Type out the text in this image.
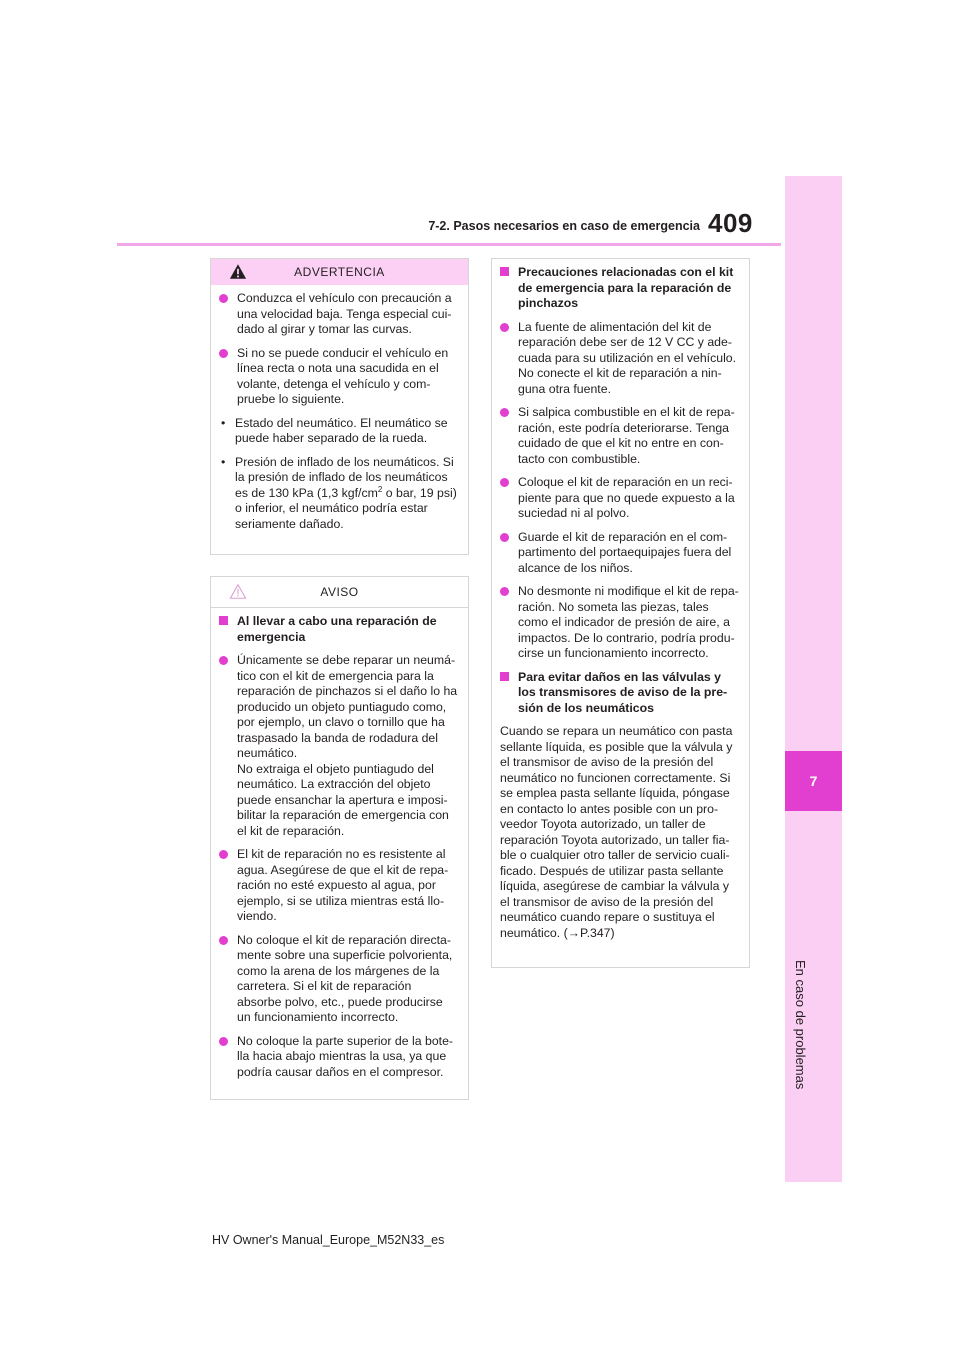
7-2. Pasos necesarios en caso de emergencia 409
7
En caso de problemas
ADVERTENCIA
Conduzca el vehículo con precaución a una velocidad baja. Tenga especial cui- dado al girar y tomar las curvas.
Si no se puede conducir el vehículo en línea recta o nota una sacudida en el volante, detenga el vehículo y com- pruebe lo siguiente.
• Estado del neumático. El neumático se puede haber separado de la rueda.
• Presión de inflado de los neumáticos. Si la presión de inflado de los neumáticos es de 130 kPa (1,3 kgf/$cm^2$ o bar, 19 psi) o inferior, el neumático podría estar seriamente dañado.
AVISO
Al llevar a cabo una reparación de emergencia
Únicamente se debe reparar un neumá- tico con el kit de emergencia para la reparación de pinchazos si el daño lo ha producido un objeto puntiagudo como, por ejemplo, un clavo o tornillo que ha traspasado la banda de rodadura del neumático.
No extraiga el objeto puntiagudo del neumático. La extracción del objeto puede ensanchar la apertura e imposi- bilitar la reparación de emergencia con el kit de reparación.
El kit de reparación no es resistente al agua. Asegúrese de que el kit de repa- ración no esté expuesto al agua, por ejemplo, si se utiliza mientras está llo- viendo.
No coloque el kit de reparación directa- mente sobre una superficie polvorienta, como la arena de los márgenes de la carretera. Si el kit de reparación absorbe polvo, etc., puede producirse un funcionamiento incorrecto.
No coloque la parte superior de la bote- lla hacia abajo mientras la usa, ya que podría causar daños en el compresor.
Precauciones relacionadas con el kit de emergencia para la reparación de pinchazos
La fuente de alimentación del kit de reparación debe ser de 12 V CC y ade- cuada para su utilización en el vehículo. No conecte el kit de reparación a nin- guna otra fuente.
Si salpica combustible en el kit de repa- ración, este podría deteriorarse. Tenga cuidado de que el kit no entre en con- tacto con combustible.
Coloque el kit de reparación en un reci- piente para que no quede expuesto a la suciedad ni al polvo.
Guarde el kit de reparación en el com- partimento del portaequipajes fuera del alcance de los niños.
No desmonte ni modifique el kit de repa- ración. No someta las piezas, tales como el indicador de presión de aire, a impactos. De lo contrario, podría produ- cirse un funcionamiento incorrecto.
Para evitar daños en las válvulas y los transmisores de aviso de la pre- sión de los neumáticos
Cuando se repara un neumático con pasta sellante líquida, es posible que la válvula y el transmisor de aviso de la presión del neumático no funcionen correctamente. Si se emplea pasta sellante líquida, póngase en contacto lo antes posible con un pro- veedor Toyota autorizado, un taller de reparación Toyota autorizado, un taller fia- ble o cualquier otro taller de servicio cuali- ficado. Después de utilizar pasta sellante líquida, asegúrese de cambiar la válvula y el transmisor de aviso de la presión del neumático cuando repare o sustituya el neumático. (→P.347)
HV Owner's Manual_Europe_M52N33_es
